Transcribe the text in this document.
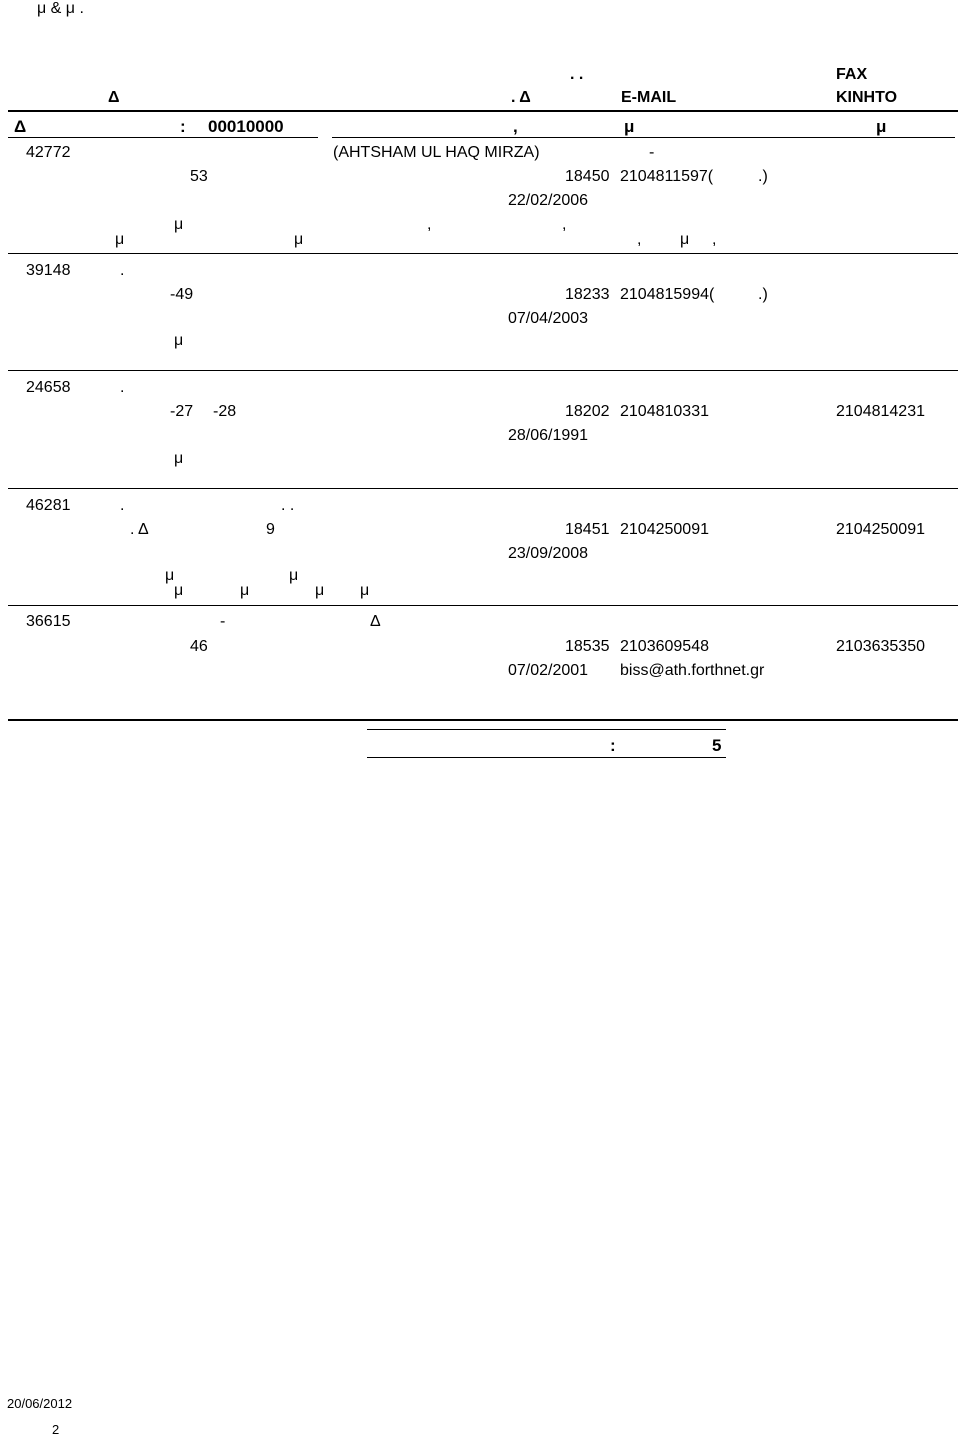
μ & μ .
. .	FAX
Δ	. Δ	E-MAIL	KINHTO
Δ	: 00010000	,	μ	μ
42772	(AHTSHAM UL HAQ MIRZA)	-
53	18450 2104811597(	.)
22/02/2006
μ	,	,
μ	μ	, μ ,
39148	.
-49	18233 2104815994(	.)
07/04/2003
μ
24658	.
-27 -28	18202 2104810331	2104814231
28/06/1991
μ
46281	.	. .
. Δ	9	18451 2104250091	2104250091
23/09/2008
μ	μ
μ	μ	μ μ
36615	-	Δ
46	18535 2103609548	2103635350
07/02/2001 biss@ath.forthnet.gr
:	5
20/06/2012
2
